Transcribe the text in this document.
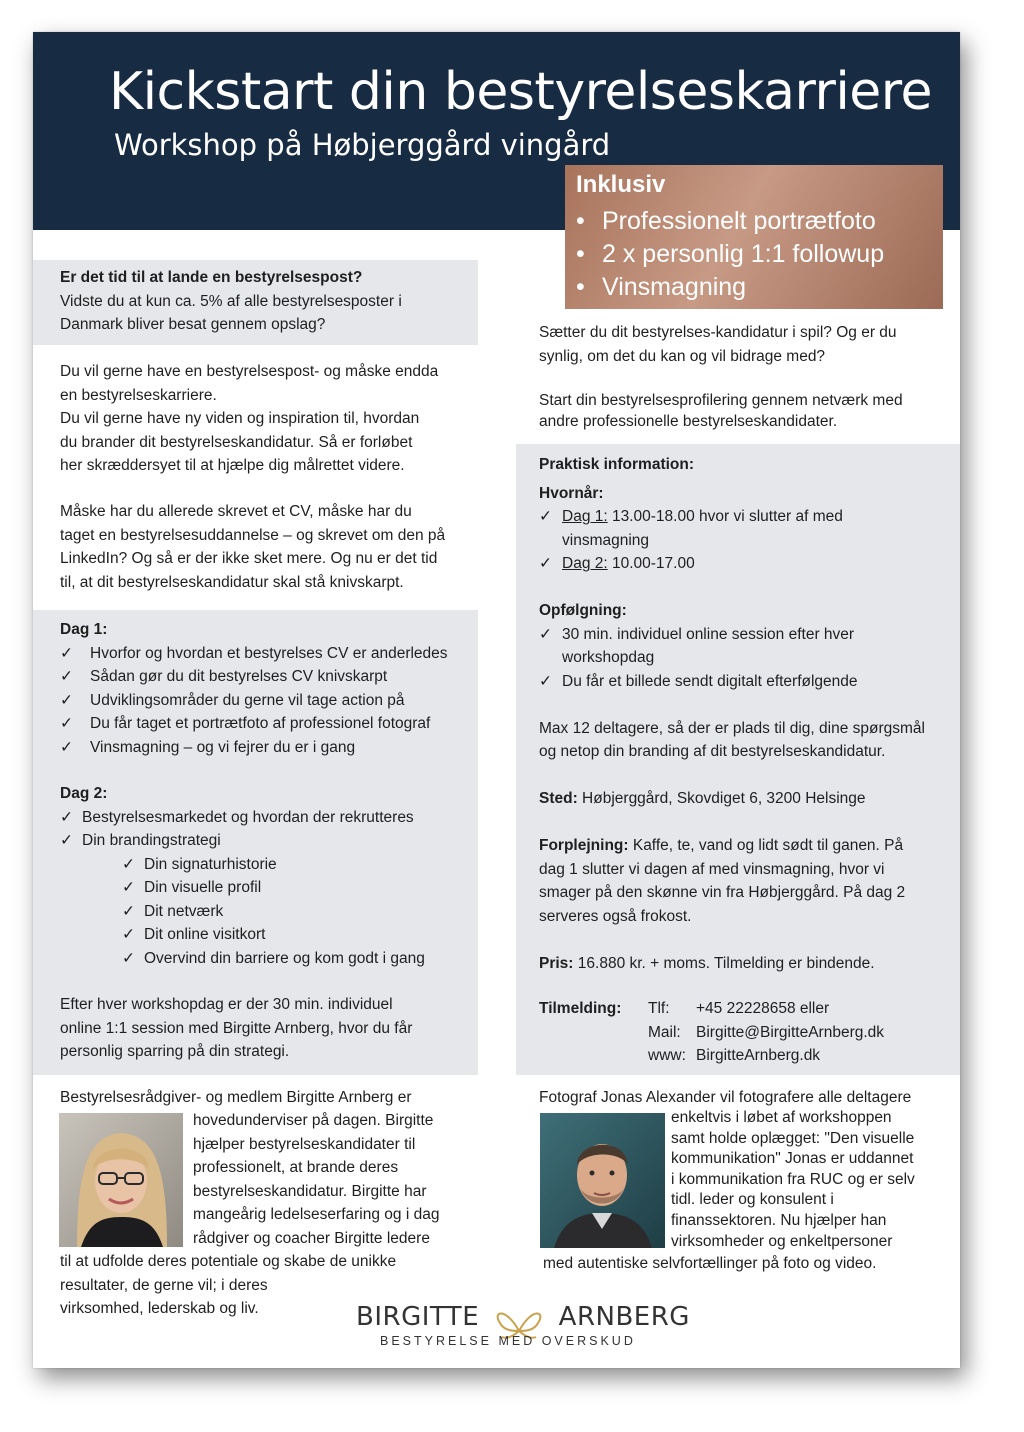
Kickstart din bestyrelseskarriere
Workshop på Høbjerggård vingård
Inklusiv
• Professionelt portrætfoto
• 2 x personlig 1:1 followup
• Vinsmagning
Er det tid til at lande en bestyrelsespost?
Vidste du at kun ca. 5% af alle bestyrelsesposter i
Danmark bliver besat gennem opslag?
Du vil gerne have en bestyrelsespost- og måske endda
en bestyrelseskarriere.
Du vil gerne have ny viden og inspiration til, hvordan
du brander dit bestyrelseskandidatur. Så er forløbet
her skræddersyet til at hjælpe dig målrettet videre.
Måske har du allerede skrevet et CV, måske har du
taget en bestyrelsesuddannelse – og skrevet om den på
LinkedIn? Og så er der ikke sket mere. Og nu er det tid
til, at dit bestyrelseskandidatur skal stå knivskarpt.
Dag 1:
✓ Hvorfor og hvordan et bestyrelses CV er anderledes
✓ Sådan gør du dit bestyrelses CV knivskarpt
✓ Udviklingsområder du gerne vil tage action på
✓ Du får taget et portrætfoto af professionel fotograf
✓ Vinsmagning – og vi fejrer du er i gang
Dag 2:
✓ Bestyrelsesmarkedet og hvordan der rekrutteres
✓ Din brandingstrategi
✓ Din signaturhistorie
✓ Din visuelle profil
✓ Dit netværk
✓ Dit online visitkort
✓ Overvind din barriere og kom godt i gang
Efter hver workshopdag er der 30 min. individuel
online 1:1 session med Birgitte Arnberg, hvor du får
personlig sparring på din strategi.
Bestyrelsesrådgiver- og medlem Birgitte Arnberg er
hovedunderviser på dagen. Birgitte
hjælper bestyrelseskandidater til
professionelt, at brande deres
bestyrelseskandidatur. Birgitte har
mangeårig ledelseserfaring og i dag
rådgiver og coacher Birgitte ledere
til at udfolde deres potentiale og skabe de unikke
resultater, de gerne vil; i deres
virksomhed, lederskab og liv.
Sætter du dit bestyrelses-kandidatur i spil? Og er du
synlig, om det du kan og vil bidrage med?
Start din bestyrelsesprofilering gennem netværk med
andre professionelle bestyrelseskandidater.
Praktisk information:
Hvornår:
✓ Dag 1: 13.00-18.00 hvor vi slutter af med
vinsmagning
✓ Dag 2: 10.00-17.00
Opfølgning:
✓ 30 min. individuel online session efter hver
workshopdag
✓ Du får et billede sendt digitalt efterfølgende
Max 12 deltagere, så der er plads til dig, dine spørgsmål
og netop din branding af dit bestyrelseskandidatur.
Sted: Høbjerggård, Skovdiget 6, 3200 Helsinge
Forplejning: Kaffe, te, vand og lidt sødt til ganen. På
dag 1 slutter vi dagen af med vinsmagning, hvor vi
smager på den skønne vin fra Høbjerggård. På dag 2
serveres også frokost.
Pris: 16.880 kr. + moms. Tilmelding er bindende.
Tilmelding: Tlf:
Mail:
www:
+45 22228658 eller
Birgitte@BirgitteArnberg.dk
BirgitteArnberg.dk
Fotograf Jonas Alexander vil fotografere alle deltagere
enkeltvis i løbet af workshoppen
samt holde oplægget: "Den visuelle
kommunikation" Jonas er uddannet
i kommunikation fra RUC og er selv
tidl. leder og konsulent i
finanssektoren. Nu hjælper han
virksomheder og enkeltpersoner
med autentiske selvfortællinger på foto og video.
BIRGITTE	ARNBERG
BESTYRELSE MED OVERSKUD
